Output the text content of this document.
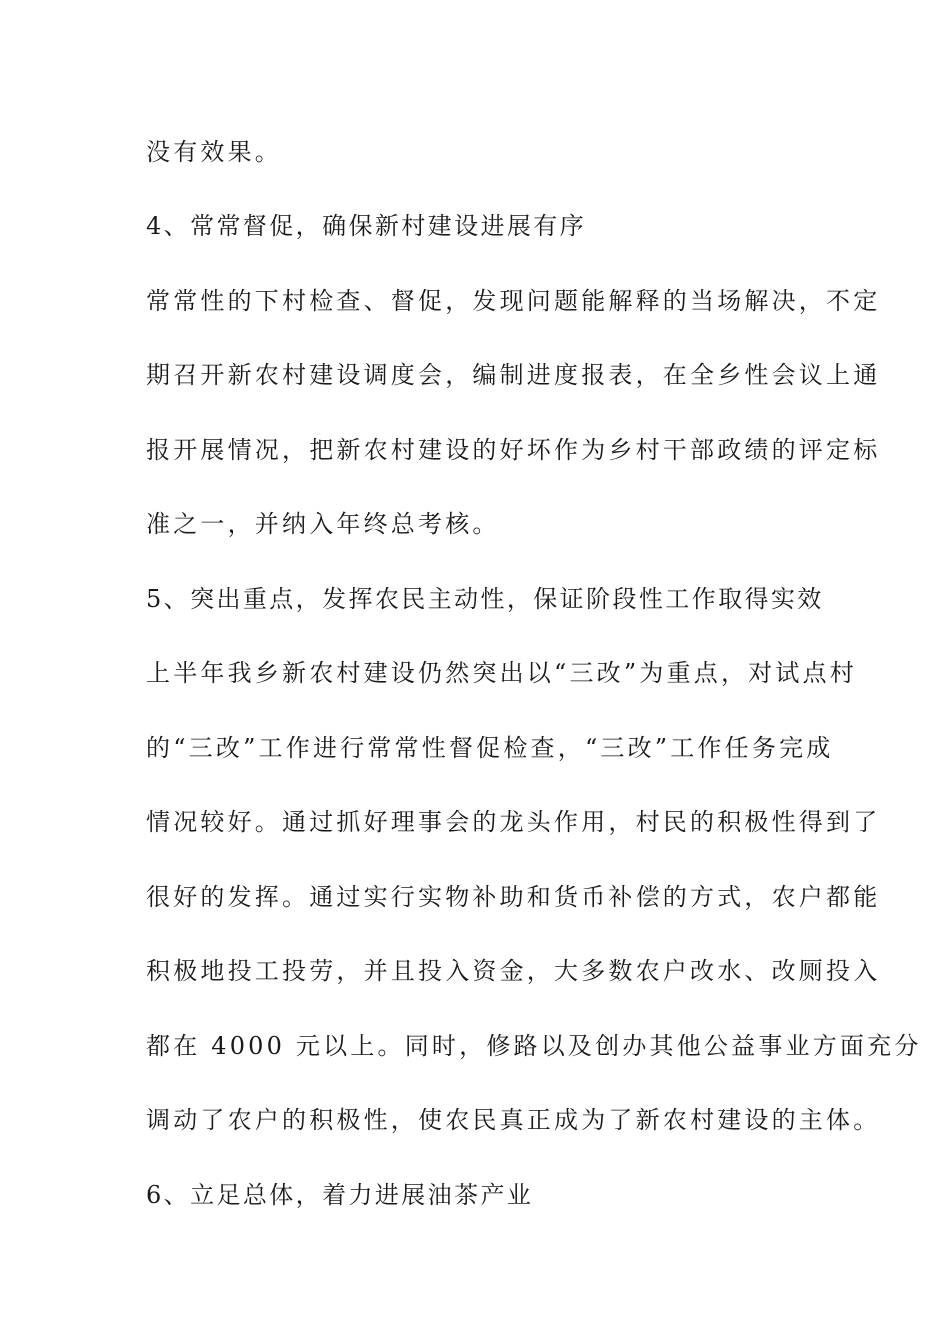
没有效果。
4、常常督促，确保新村建设进展有序
常常性的下村检查、督促，发现问题能解释的当场解决，不定
期召开新农村建设调度会，编制进度报表，在全乡性会议上通
报开展情况，把新农村建设的好坏作为乡村干部政绩的评定标
准之一，并纳入年终总考核。
5、突出重点，发挥农民主动性，保证阶段性工作取得实效
上半年我乡新农村建设仍然突出以“三改”为重点，对试点村
的“三改”工作进行常常性督促检查，“三改”工作任务完成
情况较好。通过抓好理事会的龙头作用，村民的积极性得到了
很好的发挥。通过实行实物补助和货币补偿的方式，农户都能
积极地投工投劳，并且投入资金，大多数农户改水、改厕投入
都在 4000 元以上。同时，修路以及创办其他公益事业方面充分
调动了农户的积极性，使农民真正成为了新农村建设的主体。
6、立足总体，着力进展油茶产业
